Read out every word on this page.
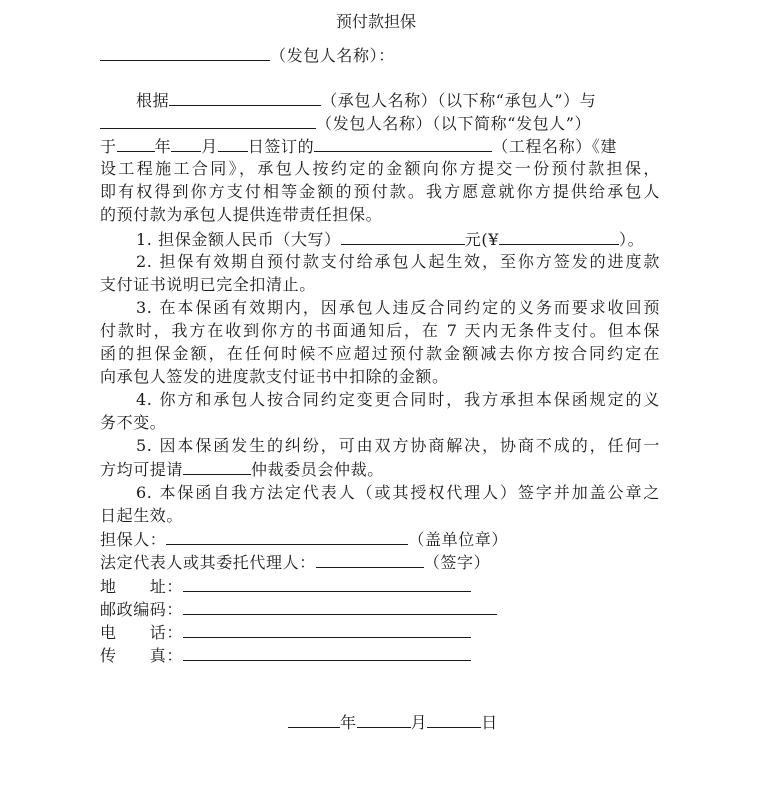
预付款担保
（发包人名称）：
根据	（承包人名称）（以下称“承包人”）与
（发包人名称）（以下简称“发包人”）
于 年 月 日签订的	（工程名称）《建
设工程施工合同》，承包人按约定的金额向你方提交一份预付款担保，
即有权得到你方支付相等金额的预付款。我方愿意就你方提供给承包人
的预付款为承包人提供连带责任担保。
1. 担保金额人民币（大写）	元(¥	）。
2. 担保有效期自预付款支付给承包人起生效，至你方签发的进度款
支付证书说明已完全扣清止。
3. 在本保函有效期内，因承包人违反合同约定的义务而要求收回预
付款时，我方在收到你方的书面通知后，在 7 天内无条件支付。但本保
函的担保金额，在任何时候不应超过预付款金额减去你方按合同约定在
向承包人签发的进度款支付证书中扣除的金额。
4. 你方和承包人按合同约定变更合同时，我方承担本保函规定的义
务不变。
5. 因本保函发生的纠纷，可由双方协商解决，协商不成的，任何一
方均可提请	仲裁委员会仲裁。
6. 本保函自我方法定代表人（或其授权代理人）签字并加盖公章之
日起生效。
担保人：	（盖单位章）
法定代表人或其委托代理人：	（签字）
地　　址：
邮政编码：
电　　话：
传　　真：
年	月	日
